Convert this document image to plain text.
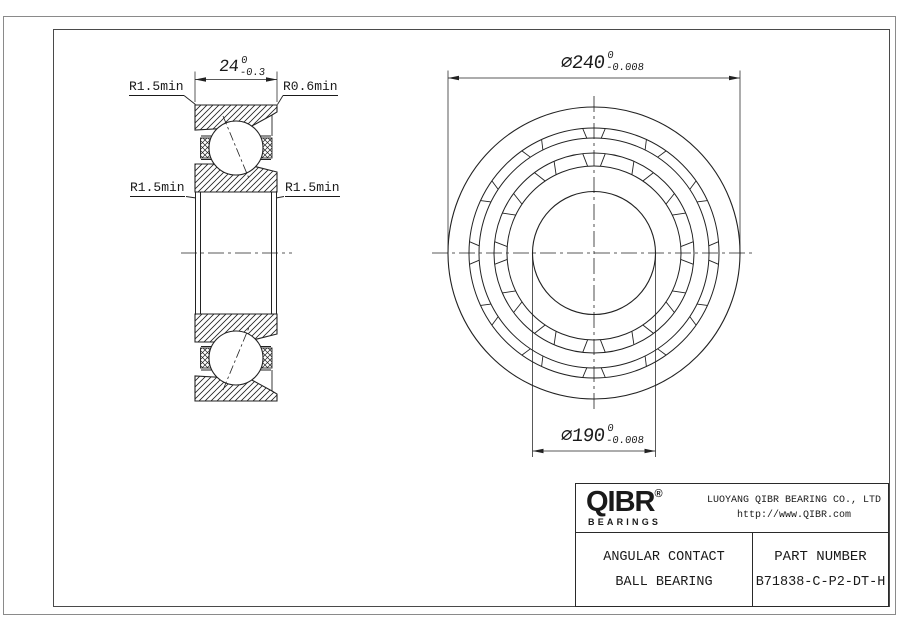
24 0
-0.3	∅240 0
-0.008
∅190 0
-0.008
R1.5min	R0.6min
R1.5min	R1.5min
QIBR®
BEARINGS
LUOYANG QIBR BEARING CO., LTD
http://www.QIBR.com
ANGULAR CONTACT
BALL BEARING
PART NUMBER
B71838-C-P2-DT-H
